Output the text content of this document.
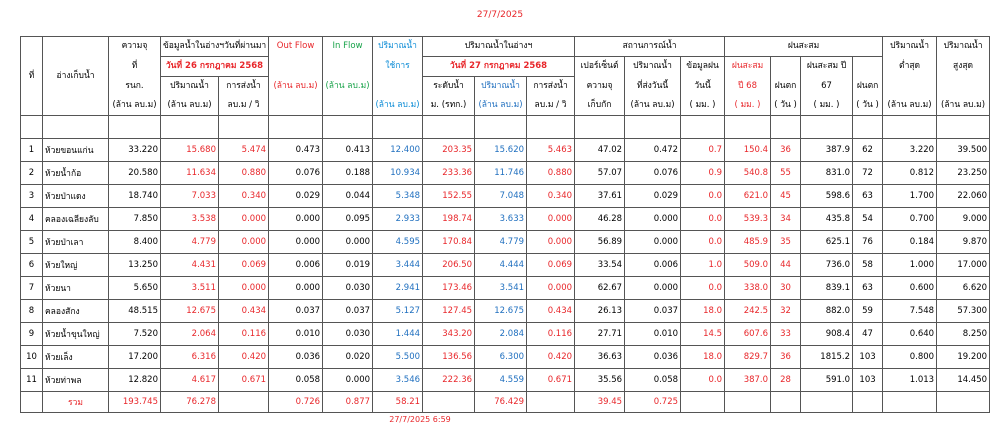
27/7/2025
ที่	อ่างเก็บน้ำ	ความจุ	ข้อมูลน้ำในอ่างฯวันที่ผ่านมา		Out Flow	In Flow	ปริมาณน้ำ	ปริมาณน้ำในอ่างฯ			สถานการณ์น้ำ			ฝนสะสม				ปริมาณน้ำ	ปริมาณน้ำ
		ที่	วันที่ 26 กรกฎาคม 2568				ใช้การ	วันที่ 27 กรกฎาคม 2568			เปอร์เซ็นต์	ปริมาณน้ำ	ข้อมูลฝน	ฝนสะสม		ฝนสะสม ปี		ต่ำสุด	สูงสุด
		รนก.	ปริมาณน้ำ	การส่งน้ำ	(ล้าน ลบ.ม)	(ล้าน ลบ.ม)		ระดับน้ำ	ปริมาณน้ำ	การส่งน้ำ	ความจุ	ที่ส่งวันนี้	วันนี้	ปี 68	ฝนตก	67	ฝนตก		
		(ล้าน ลบ.ม)	(ล้าน ลบ.ม)	ลบ.ม / วิ			(ล้าน ลบ.ม)	ม. (รทก.)	(ล้าน ลบ.ม)	ลบ.ม / วิ	เก็บกัก	(ล้าน ลบ.ม)	( มม. )	( มม. )	( วัน )	( มม. )	( วัน )	(ล้าน ลบ.ม)	(ล้าน ลบ.ม)

1	ห้วยขอนแก่น	33.220	15.680	5.474	0.473	0.413	12.400	203.35	15.620	5.463	47.02	0.472	0.7	150.4	36	387.9	62	3.220	39.500
2	ห้วยน้ำก้อ	20.580	11.634	0.880	0.076	0.188	10.934	233.36	11.746	0.880	57.07	0.076	0.9	540.8	55	831.0	72	0.812	23.250
3	ห้วยป่าแดง	18.740	7.033	0.340	0.029	0.044	5.348	152.55	7.048	0.340	37.61	0.029	0.0	621.0	45	598.6	63	1.700	22.060
4	คลองเฉลียงลับ	7.850	3.538	0.000	0.000	0.095	2.933	198.74	3.633	0.000	46.28	0.000	0.0	539.3	34	435.8	54	0.700	9.000
5	ห้วยป่าเลา	8.400	4.779	0.000	0.000	0.000	4.595	170.84	4.779	0.000	56.89	0.000	0.0	485.9	35	625.1	76	0.184	9.870
6	ห้วยใหญ่	13.250	4.431	0.069	0.006	0.019	3.444	206.50	4.444	0.069	33.54	0.006	1.0	509.0	44	736.0	58	1.000	17.000
7	ห้วยนา	5.650	3.511	0.000	0.000	0.030	2.941	173.46	3.541	0.000	62.67	0.000	0.0	338.0	30	839.1	63	0.600	6.620
8	คลองสักง	48.515	12.675	0.434	0.037	0.037	5.127	127.45	12.675	0.434	26.13	0.037	18.0	242.5	32	882.0	59	7.548	57.300
9	ห้วยน้ำขุนใหญ่	7.520	2.064	0.116	0.010	0.030	1.444	343.20	2.084	0.116	27.71	0.010	14.5	607.6	33	908.4	47	0.640	8.250
10	ห้วยเล็ง	17.200	6.316	0.420	0.036	0.020	5.500	136.56	6.300	0.420	36.63	0.036	18.0	829.7	36	1815.2	103	0.800	19.200
11	ห้วยท่าพล	12.820	4.617	0.671	0.058	0.000	3.546	222.36	4.559	0.671	35.56	0.058	0.0	387.0	28	591.0	103	1.013	14.450
	รวม	193.745	76.278		0.726	0.877	58.21		76.429		39.45	0.725							
27/7/2025 6:59
